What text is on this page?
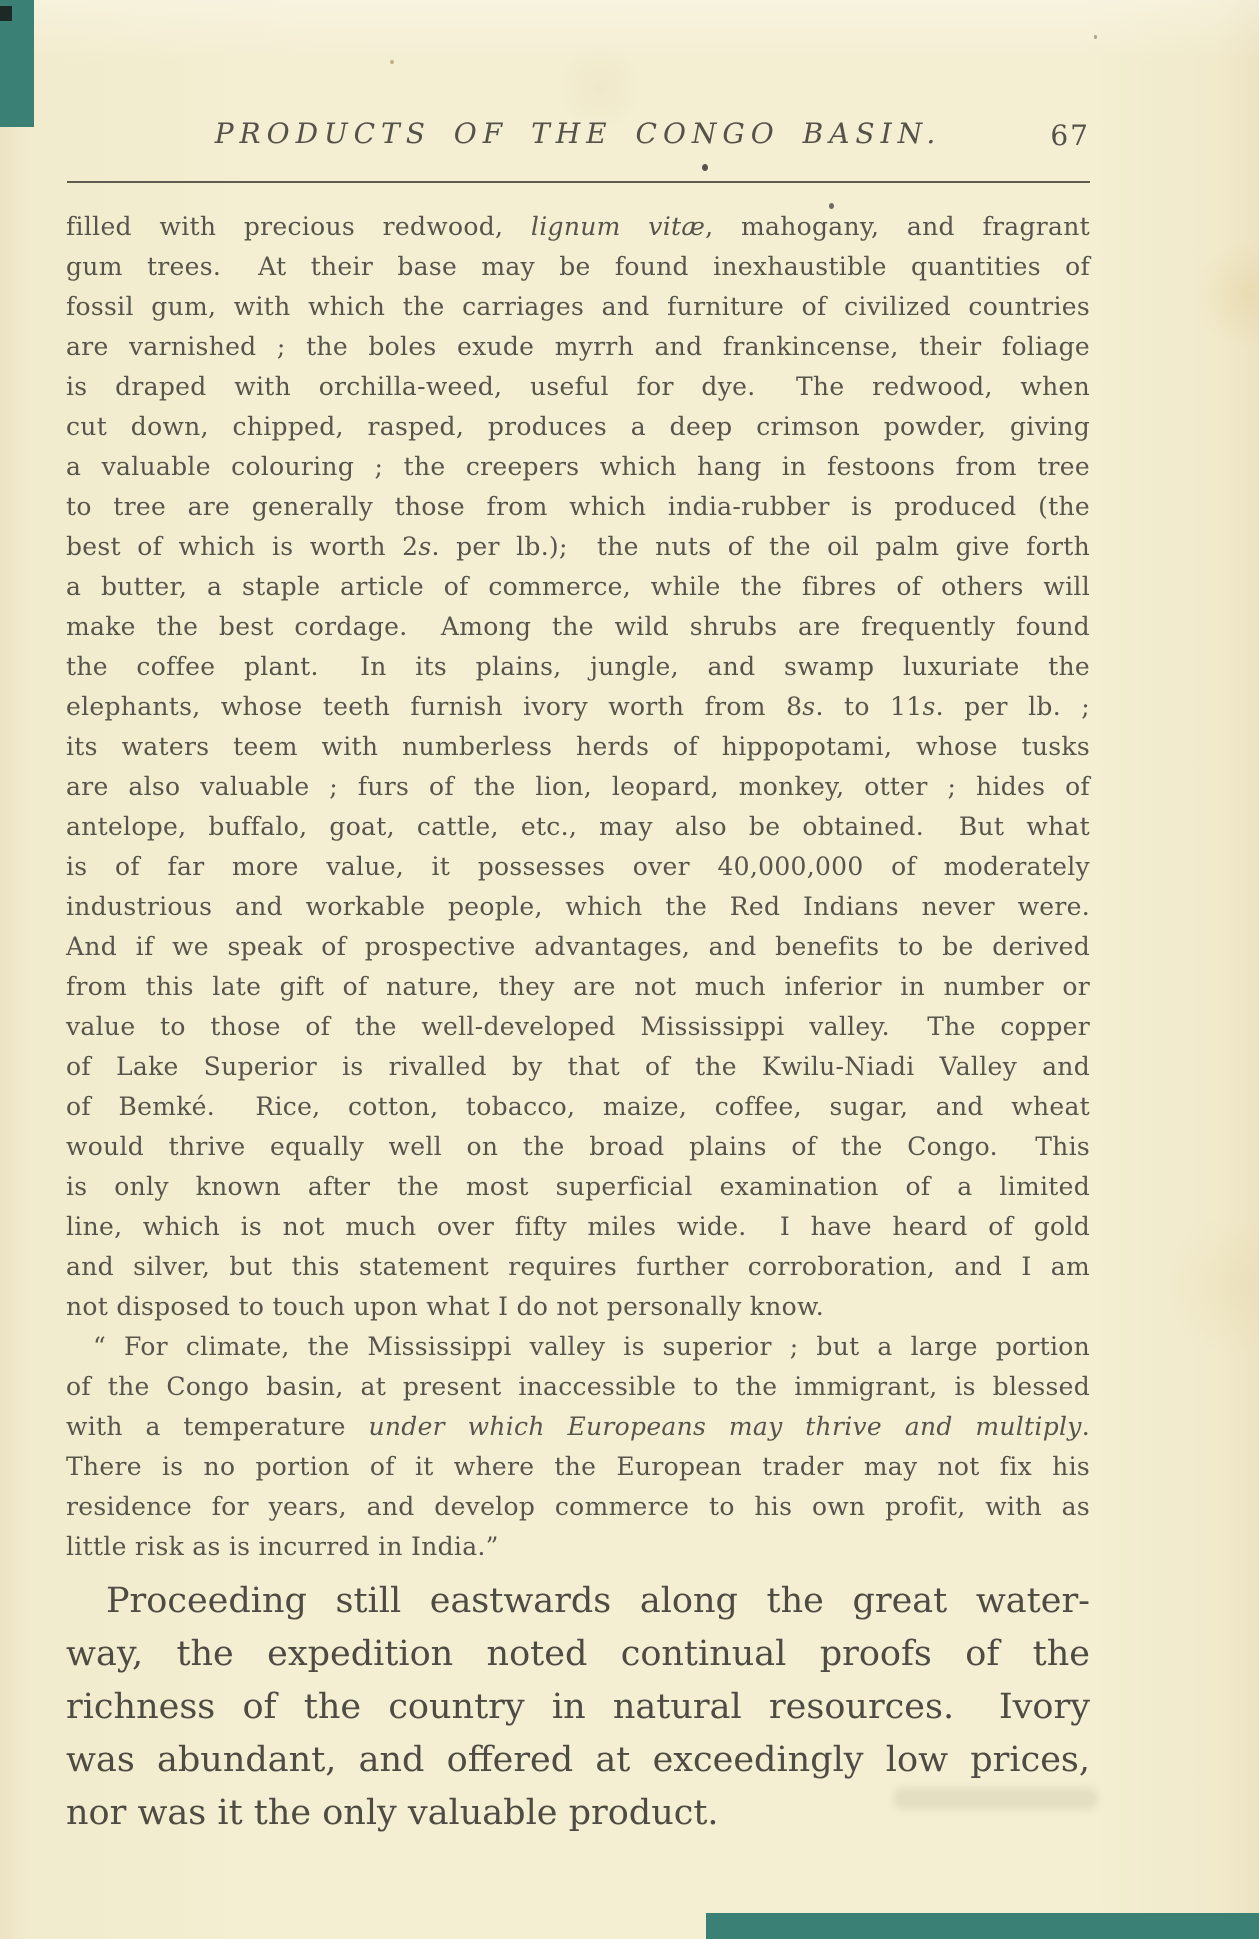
PRODUCTS OF THE CONGO BASIN.	67
filled with precious redwood, lignum vitæ, mahogany, and fragrant
gum trees.  At their base may be found inexhaustible quantities of
fossil gum, with which the carriages and furniture of civilized countries
are varnished ; the boles exude myrrh and frankincense, their foliage
is draped with orchilla-weed, useful for dye.  The redwood, when
cut down, chipped, rasped, produces a deep crimson powder, giving
a valuable colouring ; the creepers which hang in festoons from tree
to tree are generally those from which india-rubber is produced (the
best of which is worth 2s. per lb.);  the nuts of the oil palm give forth
a butter, a staple article of commerce, while the fibres of others will
make the best cordage.  Among the wild shrubs are frequently found
the coffee plant.  In its plains, jungle, and swamp luxuriate the
elephants, whose teeth furnish ivory worth from 8s. to 11s. per lb. ;
its waters teem with numberless herds of hippopotami, whose tusks
are also valuable ; furs of the lion, leopard, monkey, otter ; hides of
antelope, buffalo, goat, cattle, etc., may also be obtained.  But what
is of far more value, it possesses over 40,000,000 of moderately
industrious and workable people, which the Red Indians never were.
And if we speak of prospective advantages, and benefits to be derived
from this late gift of nature, they are not much inferior in number or
value to those of the well-developed Mississippi valley.  The copper
of Lake Superior is rivalled by that of the Kwilu-Niadi Valley and
of Bemké.  Rice, cotton, tobacco, maize, coffee, sugar, and wheat
would thrive equally well on the broad plains of the Congo.  This
is only known after the most superficial examination of a limited
line, which is not much over fifty miles wide.  I have heard of gold
and silver, but this statement requires further corroboration, and I am
not disposed to touch upon what I do not personally know.
“ For climate, the Mississippi valley is superior ; but a large portion
of the Congo basin, at present inaccessible to the immigrant, is blessed
with a temperature under which Europeans may thrive and multiply.
There is no portion of it where the European trader may not fix his
residence for years, and develop commerce to his own profit, with as
little risk as is incurred in India.”
Proceeding still eastwards along the great water-
way, the expedition noted continual proofs of the
richness of the country in natural resources.  Ivory
was abundant, and offered at exceedingly low prices,
nor was it the only valuable product.
